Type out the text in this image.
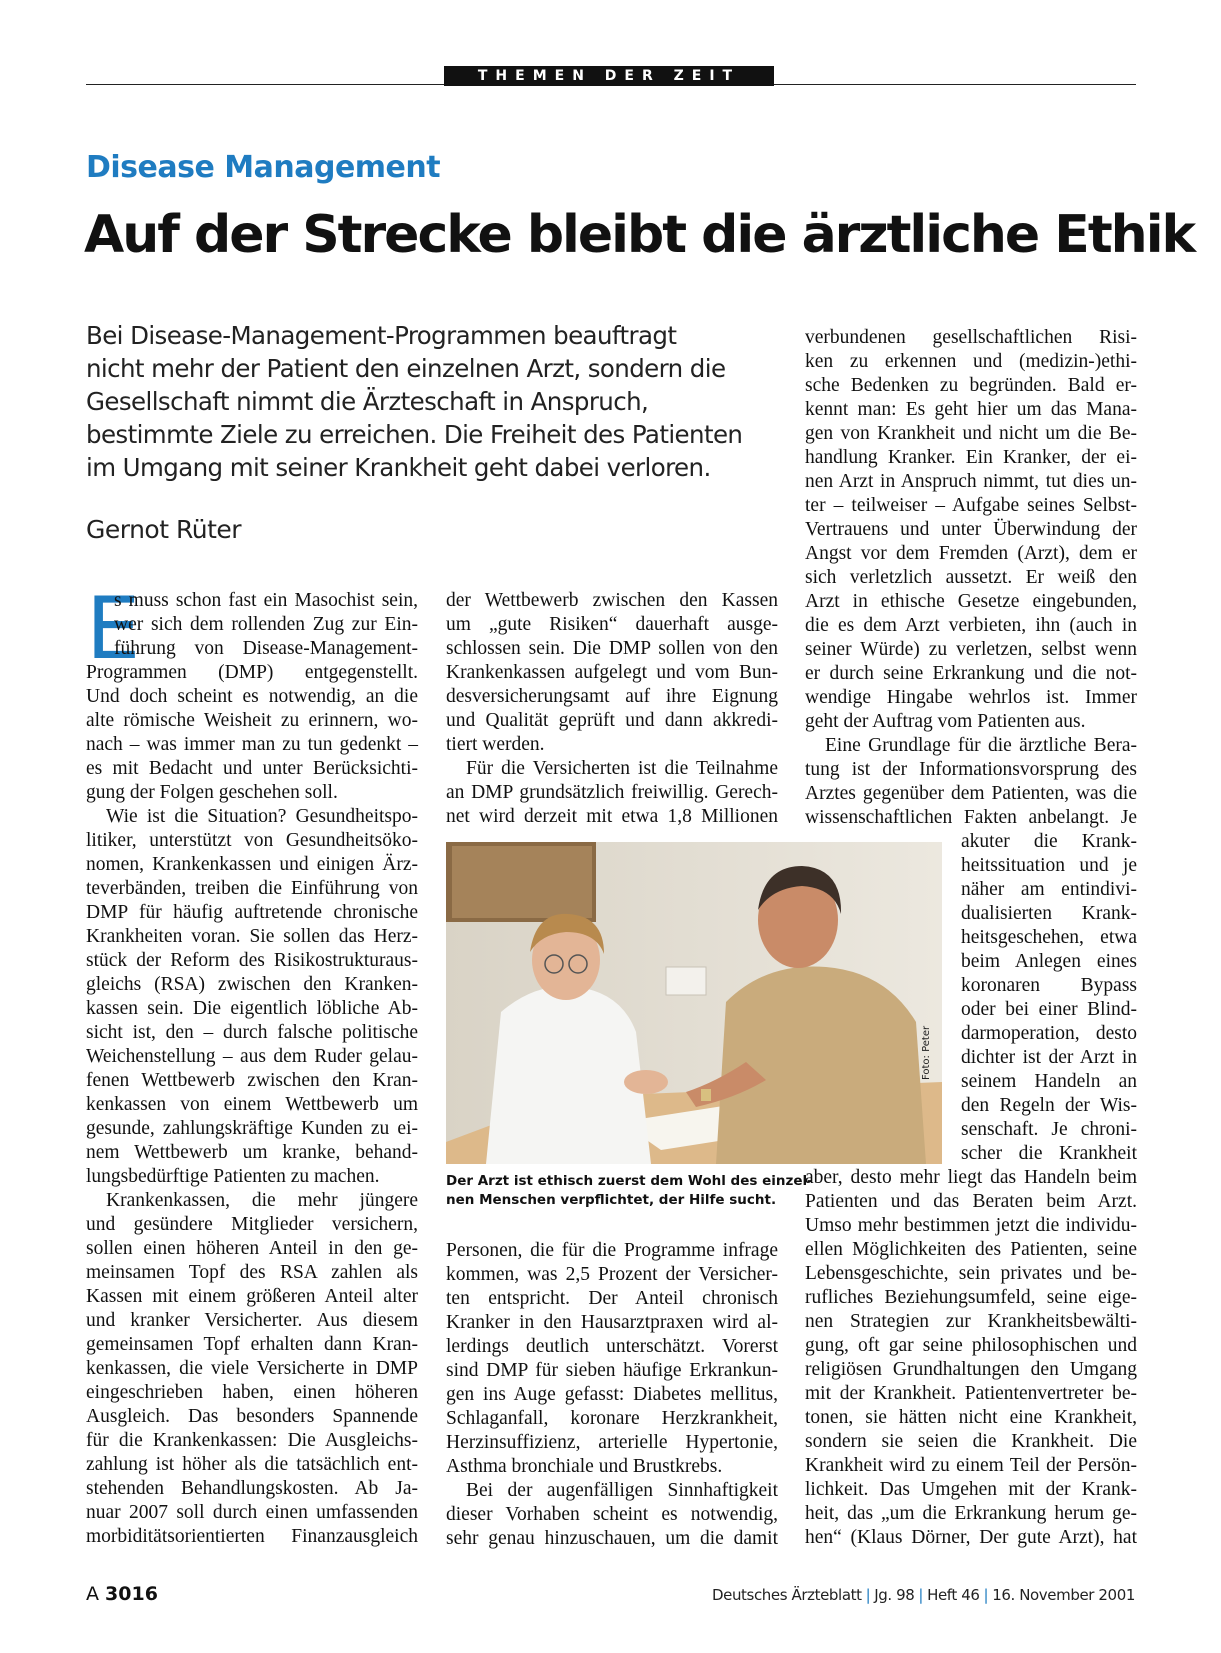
THEMEN DER ZEIT
Disease Management
Auf der Strecke bleibt die ärztliche Ethik

Bei Disease-Management-Programmen beauftragt
nicht mehr der Patient den einzelnen Arzt, sondern die
Gesellschaft nimmt die Ärzteschaft in Anspruch,
bestimmte Ziele zu erreichen. Die Freiheit des Patienten
im Umgang mit seiner Krankheit geht dabei verloren.

Gernot Rüter
E
s muss schon fast ein Masochist sein,
wer sich dem rollenden Zug zur Ein-
führung von Disease-Management-
Programmen (DMP) entgegenstellt.
Und doch scheint es notwendig, an die
alte römische Weisheit zu erinnern, wo-
nach – was immer man zu tun gedenkt –
es mit Bedacht und unter Berücksichti-
gung der Folgen geschehen soll.
Wie ist die Situation? Gesundheitspo-
litiker, unterstützt von Gesundheitsöko-
nomen, Krankenkassen und einigen Ärz-
teverbänden, treiben die Einführung von
DMP für häufig auftretende chronische
Krankheiten voran. Sie sollen das Herz-
stück der Reform des Risikostrukturaus-
gleichs (RSA) zwischen den Kranken-
kassen sein. Die eigentlich löbliche Ab-
sicht ist, den – durch falsche politische
Weichenstellung – aus dem Ruder gelau-
fenen Wettbewerb zwischen den Kran-
kenkassen von einem Wettbewerb um
gesunde, zahlungskräftige Kunden zu ei-
nem Wettbewerb um kranke, behand-
lungsbedürftige Patienten zu machen.
Krankenkassen, die mehr jüngere
und gesündere Mitglieder versichern,
sollen einen höheren Anteil in den ge-
meinsamen Topf des RSA zahlen als
Kassen mit einem größeren Anteil alter
und kranker Versicherter. Aus diesem
gemeinsamen Topf erhalten dann Kran-
kenkassen, die viele Versicherte in DMP
eingeschrieben haben, einen höheren
Ausgleich. Das besonders Spannende
für die Krankenkassen: Die Ausgleichs-
zahlung ist höher als die tatsächlich ent-
stehenden Behandlungskosten. Ab Ja-
nuar 2007 soll durch einen umfassenden
morbiditätsorientierten Finanzausgleich
der Wettbewerb zwischen den Kassen
um „gute Risiken“ dauerhaft ausge-
schlossen sein. Die DMP sollen von den
Krankenkassen aufgelegt und vom Bun-
desversicherungsamt auf ihre Eignung
und Qualität geprüft und dann akkredi-
tiert werden.
Für die Versicherten ist die Teilnahme
an DMP grundsätzlich freiwillig. Gerech-
net wird derzeit mit etwa 1,8 Millionen
Foto: Peter
Der Arzt ist ethisch zuerst dem Wohl des einzel-
nen Menschen verpflichtet, der Hilfe sucht.
Personen, die für die Programme infrage
kommen, was 2,5 Prozent der Versicher-
ten entspricht. Der Anteil chronisch
Kranker in den Hausarztpraxen wird al-
lerdings deutlich unterschätzt. Vorerst
sind DMP für sieben häufige Erkrankun-
gen ins Auge gefasst: Diabetes mellitus,
Schlaganfall, koronare Herzkrankheit,
Herzinsuffizienz, arterielle Hypertonie,
Asthma bronchiale und Brustkrebs.
Bei der augenfälligen Sinnhaftigkeit
dieser Vorhaben scheint es notwendig,
sehr genau hinzuschauen, um die damit
verbundenen gesellschaftlichen Risi-
ken zu erkennen und (medizin-)ethi-
sche Bedenken zu begründen. Bald er-
kennt man: Es geht hier um das Mana-
gen von Krankheit und nicht um die Be-
handlung Kranker. Ein Kranker, der ei-
nen Arzt in Anspruch nimmt, tut dies un-
ter – teilweiser – Aufgabe seines Selbst-
Vertrauens und unter Überwindung der
Angst vor dem Fremden (Arzt), dem er
sich verletzlich aussetzt. Er weiß den
Arzt in ethische Gesetze eingebunden,
die es dem Arzt verbieten, ihn (auch in
seiner Würde) zu verletzen, selbst wenn
er durch seine Erkrankung und die not-
wendige Hingabe wehrlos ist. Immer
geht der Auftrag vom Patienten aus.
Eine Grundlage für die ärztliche Bera-
tung ist der Informationsvorsprung des
Arztes gegenüber dem Patienten, was die
wissenschaftlichen Fakten anbelangt. Je
akuter die Krank-
heitssituation und je
näher am entindivi-
dualisierten Krank-
heitsgeschehen, etwa
beim Anlegen eines
koronaren Bypass
oder bei einer Blind-
darmoperation, desto
dichter ist der Arzt in
seinem Handeln an
den Regeln der Wis-
senschaft. Je chroni-
scher die Krankheit
aber, desto mehr liegt das Handeln beim
Patienten und das Beraten beim Arzt.
Umso mehr bestimmen jetzt die individu-
ellen Möglichkeiten des Patienten, seine
Lebensgeschichte, sein privates und be-
rufliches Beziehungsumfeld, seine eige-
nen Strategien zur Krankheitsbewälti-
gung, oft gar seine philosophischen und
religiösen Grundhaltungen den Umgang
mit der Krankheit. Patientenvertreter be-
tonen, sie hätten nicht eine Krankheit,
sondern sie seien die Krankheit. Die
Krankheit wird zu einem Teil der Persön-
lichkeit. Das Umgehen mit der Krank-
heit, das „um die Erkrankung herum ge-
hen“ (Klaus Dörner, Der gute Arzt), hat
A 3016	Deutsches Ärzteblatt | Jg. 98 | Heft 46 | 16. November 2001
